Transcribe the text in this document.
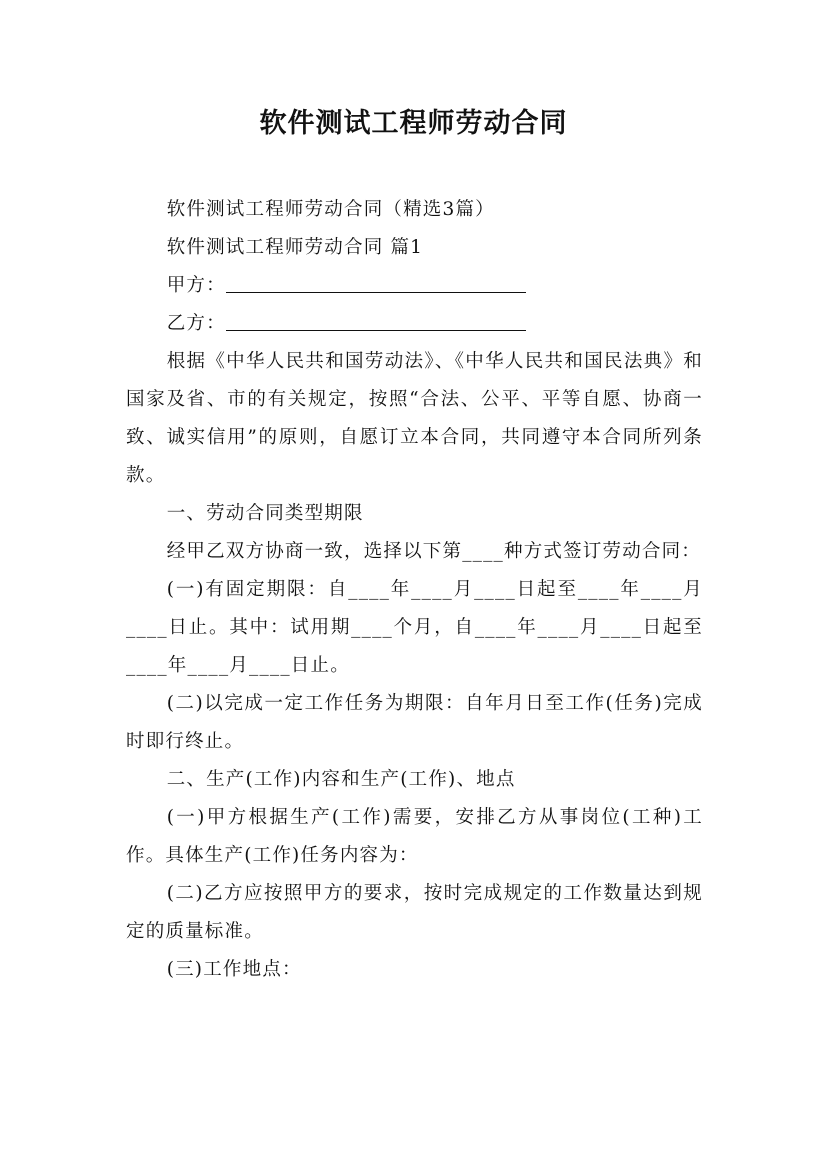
软件测试工程师劳动合同

软件测试工程师劳动合同（精选3篇）

软件测试工程师劳动合同 篇1

甲方：

乙方：

根据《中华人民共和国劳动法》、《中华人民共和国民法典》和国家及省、市的有关规定，按照“合法、公平、平等自愿、协商一致、诚实信用”的原则，自愿订立本合同，共同遵守本合同所列条款。

一、劳动合同类型期限

经甲乙双方协商一致，选择以下第____种方式签订劳动合同：

(一)有固定期限：自____年____月____日起至____年____月____日止。其中：试用期____个月，自____年____月____日起至____年____月____日止。

(二)以完成一定工作任务为期限：自年月日至工作(任务)完成时即行终止。

二、生产(工作)内容和生产(工作)、地点

(一)甲方根据生产(工作)需要，安排乙方从事岗位(工种)工作。具体生产(工作)任务内容为：

(二)乙方应按照甲方的要求，按时完成规定的工作数量达到规定的质量标准。

(三)工作地点：
